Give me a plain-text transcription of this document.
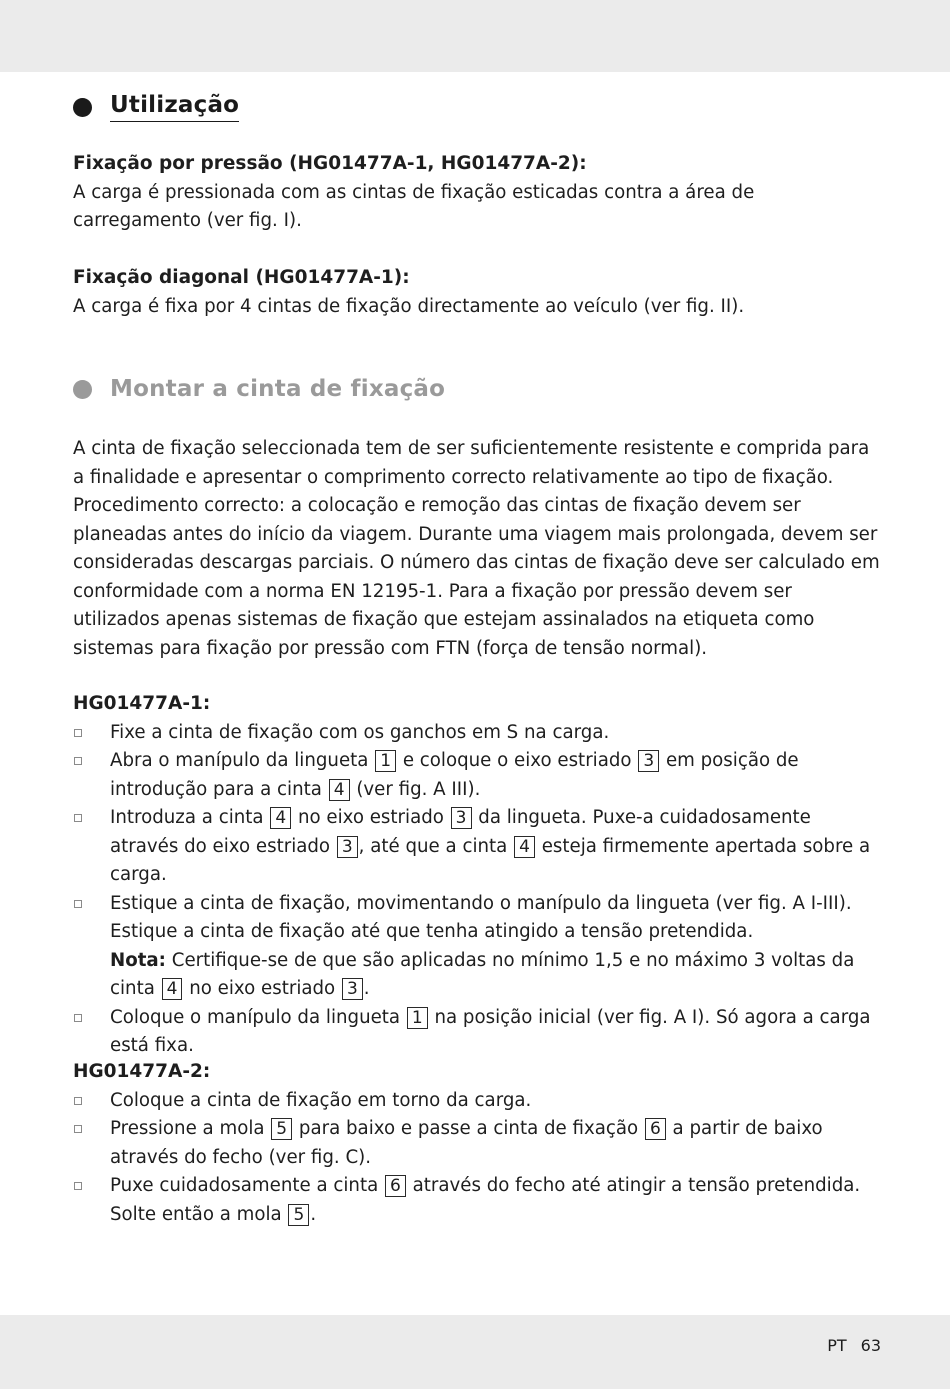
Utilização

Fixação por pressão (HG01477A-1, HG01477A-2):

A carga é pressionada com as cintas de fixação esticadas contra a área de carregamento (ver fig. I).

Fixação diagonal (HG01477A-1):

A carga é fixa por 4 cintas de fixação directamente ao veículo (ver fig. II).

Montar a cinta de fixação

A cinta de fixação seleccionada tem de ser suficientemente resistente e comprida para a finalidade e apresentar o comprimento correcto relativamente ao tipo de fixação. Procedimento correcto: a colocação e remoção das cintas de fixação devem ser planeadas antes do início da viagem. Durante uma viagem mais prolongada, devem ser consideradas descargas parciais. O número das cintas de fixação deve ser calculado em conformidade com a norma EN 12195-1. Para a fixação por pressão devem ser utilizados apenas sistemas de fixação que estejam assinalados na etiqueta como sistemas para fixação por pressão com FTN (força de tensão normal).

HG01477A-1:

Fixe a cinta de fixação com os ganchos em S na carga.
Abra o manípulo da lingueta 1 e coloque o eixo estriado 3 em posição de introdução para a cinta 4 (ver fig. A III).
Introduza a cinta 4 no eixo estriado 3 da lingueta. Puxe-a cuidadosamente através do eixo estriado 3 , até que a cinta 4 esteja firmemente apertada sobre a carga.
Estique a cinta de fixação, movimentando o manípulo da lingueta (ver fig. A I-III). Estique a cinta de fixação até que tenha atingido a tensão pretendida.
Nota: Certifique-se de que são aplicadas no mínimo 1,5 e no máximo 3 voltas da cinta 4 no eixo estriado 3 .
Coloque o manípulo da lingueta 1 na posição inicial (ver fig. A I). Só agora a carga está fixa.

HG01477A-2:

Coloque a cinta de fixação em torno da carga.
Pressione a mola 5 para baixo e passe a cinta de fixação 6 a partir de baixo através do fecho (ver fig. C).
Puxe cuidadosamente a cinta 6 através do fecho até atingir a tensão pretendida. Solte então a mola 5 .
PT 63
